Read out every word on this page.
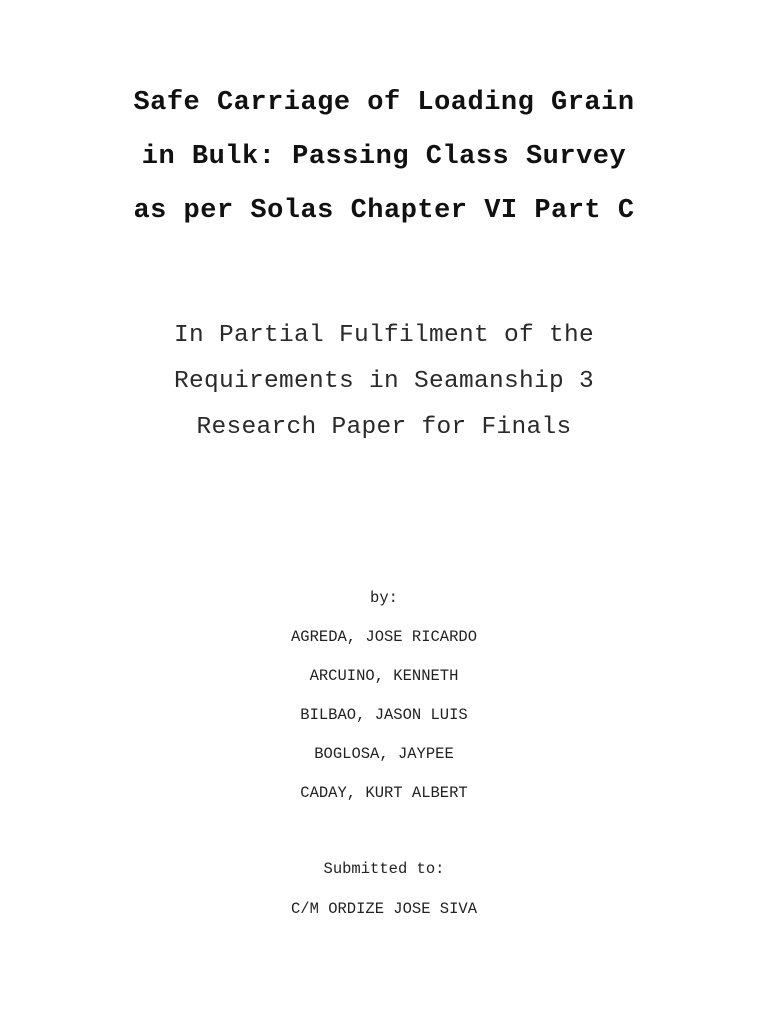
Safe Carriage of Loading Grain
in Bulk: Passing Class Survey
as per Solas Chapter VI Part C
In Partial Fulfilment of the
Requirements in Seamanship 3
Research Paper for Finals
by:
AGREDA, JOSE RICARDO
ARCUINO, KENNETH
BILBAO, JASON LUIS
BOGLOSA, JAYPEE
CADAY, KURT ALBERT
Submitted to:
C/M ORDIZE JOSE SIVA
